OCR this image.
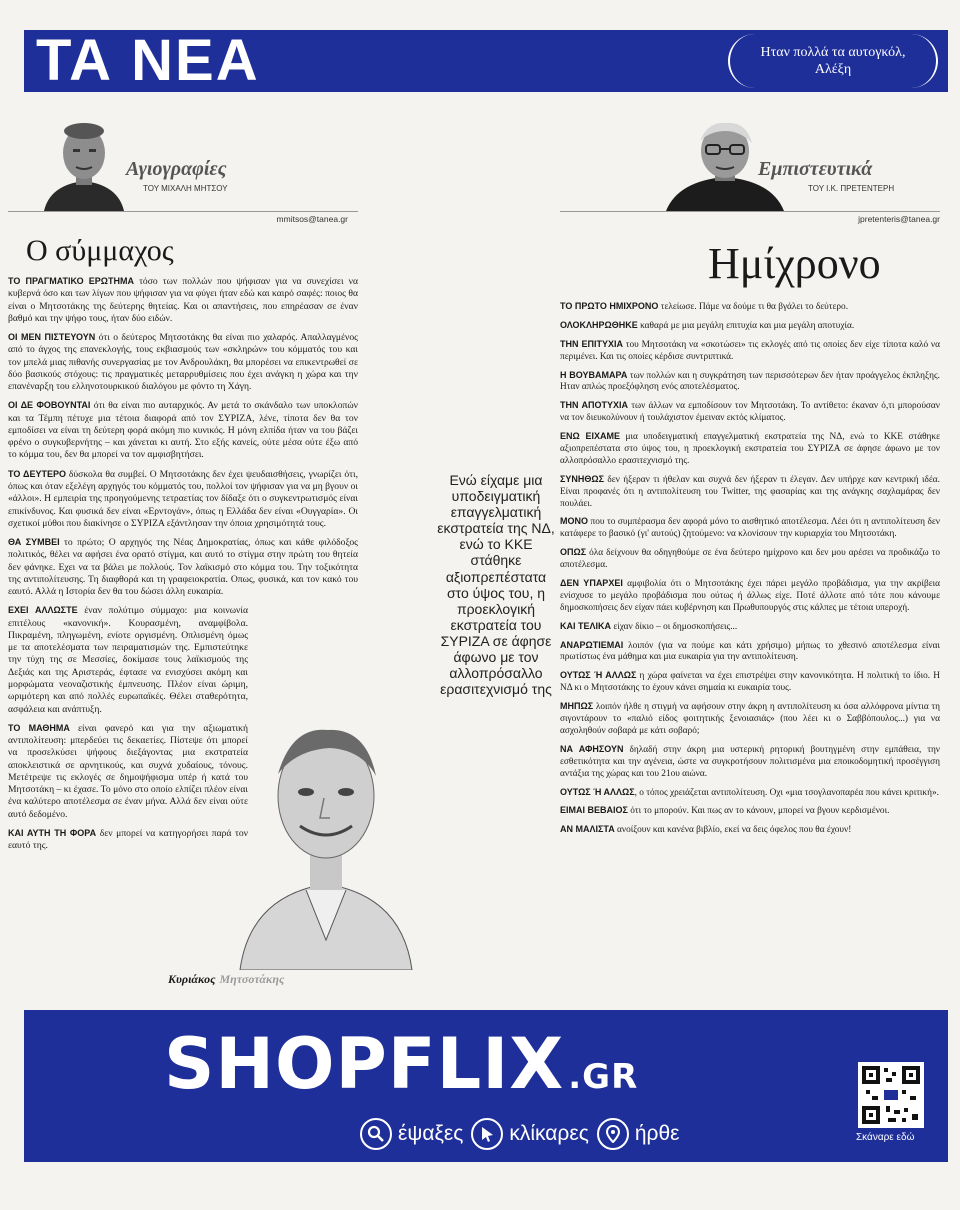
ΤΑ ΝΕΑ	Ηταν πολλά τα αυτογκόλ, Αλέξη
Αγιογραφίες
ΤΟΥ ΜΙΧΑΛΗ ΜΗΤΣΟΥ
mmitsos@tanea.gr
Ο σύμμαχος

ΤΟ ΠΡΑΓΜΑΤΙΚΟ ΕΡΩΤΗΜΑ τόσο των πολλών που ψήφισαν για να συνεχίσει να κυβερνά όσο και των λίγων που ψήφισαν για να φύγει ήταν εδώ και καιρό σαφές: ποιος θα είναι ο Μητσοτάκης της δεύτερης θητείας. Και οι απαντήσεις, που επηρέασαν σε έναν βαθμό και την ψήφο τους, ήταν δύο ειδών.

ΟΙ ΜΕΝ ΠΙΣΤΕΥΟΥΝ ότι ο δεύτερος Μητσοτάκης θα είναι πιο χαλαρός. Απαλλαγμένος από το άγχος της επανεκλογής, τους εκβιασμούς των «σκληρών» του κόμματός του και τον μπελά μιας πιθανής συνεργασίας με τον Ανδρουλάκη, θα μπορέσει να επικεντρωθεί σε δύο βασικούς στόχους: τις πραγματικές μεταρρυθμίσεις που έχει ανάγκη η χώρα και την επανέναρξη του ελληνοτουρκικού διαλόγου με φόντο τη Χάγη.

ΟΙ ΔΕ ΦΟΒΟΥΝΤΑΙ ότι θα είναι πιο αυταρχικός. Αν μετά το σκάνδαλο των υποκλοπών και τα Τέμπη πέτυχε μια τέτοια διαφορά από τον ΣΥΡΙΖΑ, λένε, τίποτα δεν θα τον εμποδίσει να είναι τη δεύτερη φορά ακόμη πιο κυνικός. Η μόνη ελπίδα ήταν να του βάζει φρένο ο συγκυβερνήτης – και χάνεται κι αυτή. Στο εξής κανείς, ούτε μέσα ούτε έξω από το κόμμα του, δεν θα μπορεί να τον αμφισβητήσει.

ΤΟ ΔΕΥΤΕΡΟ δύσκολα θα συμβεί. Ο Μητσοτάκης δεν έχει ψευδαισθήσεις, γνωρίζει ότι, όπως και όταν εξελέγη αρχηγός του κόμματός του, πολλοί τον ψήφισαν για να μη βγουν οι «άλλοι». Η εμπειρία της προηγούμενης τετραετίας τον δίδαξε ότι ο συγκεντρωτισμός είναι επικίνδυνος. Και φυσικά δεν είναι «Ερντογάν», όπως η Ελλάδα δεν είναι «Ουγγαρία». Οι σχετικοί μύθοι που διακίνησε ο ΣΥΡΙΖΑ εξάντλησαν την όποια χρησιμότητά τους.

ΘΑ ΣΥΜΒΕΙ το πρώτο; Ο αρχηγός της Νέας Δημοκρατίας, όπως και κάθε φιλόδοξος πολιτικός, θέλει να αφήσει ένα ορατό στίγμα, και αυτό το στίγμα στην πρώτη του θητεία δεν φάνηκε. Εχει να τα βάλει με πολλούς. Τον λαϊκισμό στο κόμμα του. Την τοξικότητα της αντιπολίτευσης. Τη διαφθορά και τη γραφειοκρατία. Οπως, φυσικά, και τον κακό του εαυτό. Αλλά η Ιστορία δεν θα του δώσει άλλη ευκαιρία.

ΕΧΕΙ ΑΛΛΩΣΤΕ έναν πολύτιμο σύμμαχο: μια κοινωνία επιτέλους «κανονική». Κουρασμένη, αναμφίβολα. Πικραμένη, πληγωμένη, ενίοτε οργισμένη. Οπλισμένη όμως με τα αποτελέσματα των πειραματισμών της. Εμπιστεύτηκε την τύχη της σε Μεσσίες, δοκίμασε τους λαϊκισμούς της Δεξιάς και της Αριστεράς, έφτασε να ενισχύσει ακόμη και μορφώματα νεοναζιστικής έμπνευσης. Πλέον είναι ώριμη, ωριμότερη και από πολλές ευρωπαϊκές. Θέλει σταθερότητα, ασφάλεια και ανάπτυξη.

ΤΟ ΜΑΘΗΜΑ είναι φανερό και για την αξιωματική αντιπολίτευση: μπερδεύει τις δεκαετίες. Πίστεψε ότι μπορεί να προσελκύσει ψήφους διεξάγοντας μια εκστρατεία αποκλειστικά σε αρνητικούς, και συχνά χυδαίους, τόνους. Μετέτρεψε τις εκλογές σε δημοψήφισμα υπέρ ή κατά του Μητσοτάκη – κι έχασε. Το μόνο στο οποίο ελπίζει πλέον είναι ένα καλύτερο αποτέλεσμα σε έναν μήνα. Αλλά δεν είναι ούτε αυτό δεδομένο.

ΚΑΙ ΑΥΤΗ ΤΗ ΦΟΡΑ δεν μπορεί να κατηγορήσει παρά τον εαυτό της.

Κυριάκος Μητσοτάκης
Ενώ είχαμε μια υποδειγματική επαγγελματική εκστρατεία της ΝΔ, ενώ το ΚΚΕ στάθηκε αξιοπρεπέστατα στο ύψος του, η προεκλογική εκστρατεία του ΣΥΡΙΖΑ σε άφησε άφωνο με τον αλλοπρόσαλλο ερασιτεχνισμό της
Εμπιστευτικά
ΤΟΥ Ι.Κ. ΠΡΕΤΕΝΤΕΡΗ
jpretenteris@tanea.gr
Ημίχρονο

ΤΟ ΠΡΩΤΟ ΗΜΙΧΡΟΝΟ τελείωσε. Πάμε να δούμε τι θα βγάλει το δεύτερο.

ΟΛΟΚΛΗΡΩΘΗΚΕ καθαρά με μια μεγάλη επιτυχία και μια μεγάλη αποτυχία.

ΤΗΝ ΕΠΙΤΥΧΙΑ του Μητσοτάκη να «σκοτώσει» τις εκλογές από τις οποίες δεν είχε τίποτα καλό να περιμένει. Και τις οποίες κέρδισε συντριπτικά.

Η ΒΟΥΒΑΜΑΡΑ των πολλών και η συγκράτηση των περισσότερων δεν ήταν προάγγελος έκπληξης. Ηταν απλώς προεξόφληση ενός αποτελέσματος.

ΤΗΝ ΑΠΟΤΥΧΙΑ των άλλων να εμποδίσουν τον Μητσοτάκη. Το αντίθετο: έκαναν ό,τι μπορούσαν να τον διευκολύνουν ή τουλάχιστον έμειναν εκτός κλίματος.

ΕΝΩ ΕΙΧΑΜΕ μια υποδειγματική επαγγελματική εκστρατεία της ΝΔ, ενώ το ΚΚΕ στάθηκε αξιοπρεπέστατα στο ύψος του, η προεκλογική εκστρατεία του ΣΥΡΙΖΑ σε άφησε άφωνο με τον αλλοπρόσαλλο ερασιτεχνισμό της.

ΣΥΝΗΘΩΣ δεν ήξεραν τι ήθελαν και συχνά δεν ήξεραν τι έλεγαν. Δεν υπήρχε καν κεντρική ιδέα. Είναι προφανές ότι η αντιπολίτευση του Twitter, της φασαρίας και της ανάγκης σαχλαμάρας δεν πουλάει.

ΜΟΝΟ που το συμπέρασμα δεν αφορά μόνο το αισθητικό αποτέλεσμα. Λέει ότι η αντιπολίτευση δεν κατάφερε το βασικό (γι' αυτούς) ζητούμενο: να κλονίσουν την κυριαρχία του Μητσοτάκη.

ΟΠΩΣ όλα δείχνουν θα οδηγηθούμε σε ένα δεύτερο ημίχρονο και δεν μου αρέσει να προδικάζω το αποτέλεσμα.

ΔΕΝ ΥΠΑΡΧΕΙ αμφιβολία ότι ο Μητσοτάκης έχει πάρει μεγάλο προβάδισμα, για την ακρίβεια ενίσχυσε το μεγάλο προβάδισμα που ούτως ή άλλως είχε. Ποτέ άλλοτε από τότε που κάνουμε δημοσκοπήσεις δεν είχαν πάει κυβέρνηση και Πρωθυπουργός στις κάλπες με τέτοια υπεροχή.

ΚΑΙ ΤΕΛΙΚΑ είχαν δίκιο – οι δημοσκοπήσεις...

ΑΝΑΡΩΤΙΕΜΑΙ λοιπόν (για να πούμε και κάτι χρήσιμο) μήπως το χθεσινό αποτέλεσμα είναι πρωτίστως ένα μάθημα και μια ευκαιρία για την αντιπολίτευση.

ΟΥΤΩΣ Ή ΑΛΛΩΣ η χώρα φαίνεται να έχει επιστρέψει στην κανονικότητα. Η πολιτική το ίδιο. Η ΝΔ κι ο Μητσοτάκης το έχουν κάνει σημαία κι ευκαιρία τους.

ΜΗΠΩΣ λοιπόν ήλθε η στιγμή να αφήσουν στην άκρη η αντιπολίτευση κι όσα αλλόφρονα μίντια τη σιγοντάρουν το «παλιό είδος φοιτητικής ξενοιασιάς» (που λέει κι ο Σαββόπουλος...) για να ασχοληθούν σοβαρά με κάτι σοβαρό;

ΝΑ ΑΦΗΣΟΥΝ δηλαδή στην άκρη μια υστερική ρητορική βουτηγμένη στην εμπάθεια, την εσθετικότητα και την αγένεια, ώστε να συγκροτήσουν πολιτισμένα μια εποικοδομητική προσέγγιση αντάξια της χώρας και του 21ου αιώνα.

ΟΥΤΩΣ Ή ΑΛΛΩΣ, ο τόπος χρειάζεται αντιπολίτευση. Οχι «μια τσογλανοπαρέα που κάνει κριτική».

ΕΙΜΑΙ ΒΕΒΑΙΟΣ ότι το μπορούν. Και πως αν το κάνουν, μπορεί να βγουν κερδισμένοι.

ΑΝ ΜΑΛΙΣΤΑ ανοίξουν και κανένα βιβλίο, εκεί να δεις όφελος που θα έχουν!

SHOPFLIX .GR
έψαξες κλίκαρες ήρθε	Σκάναρε εδώ
